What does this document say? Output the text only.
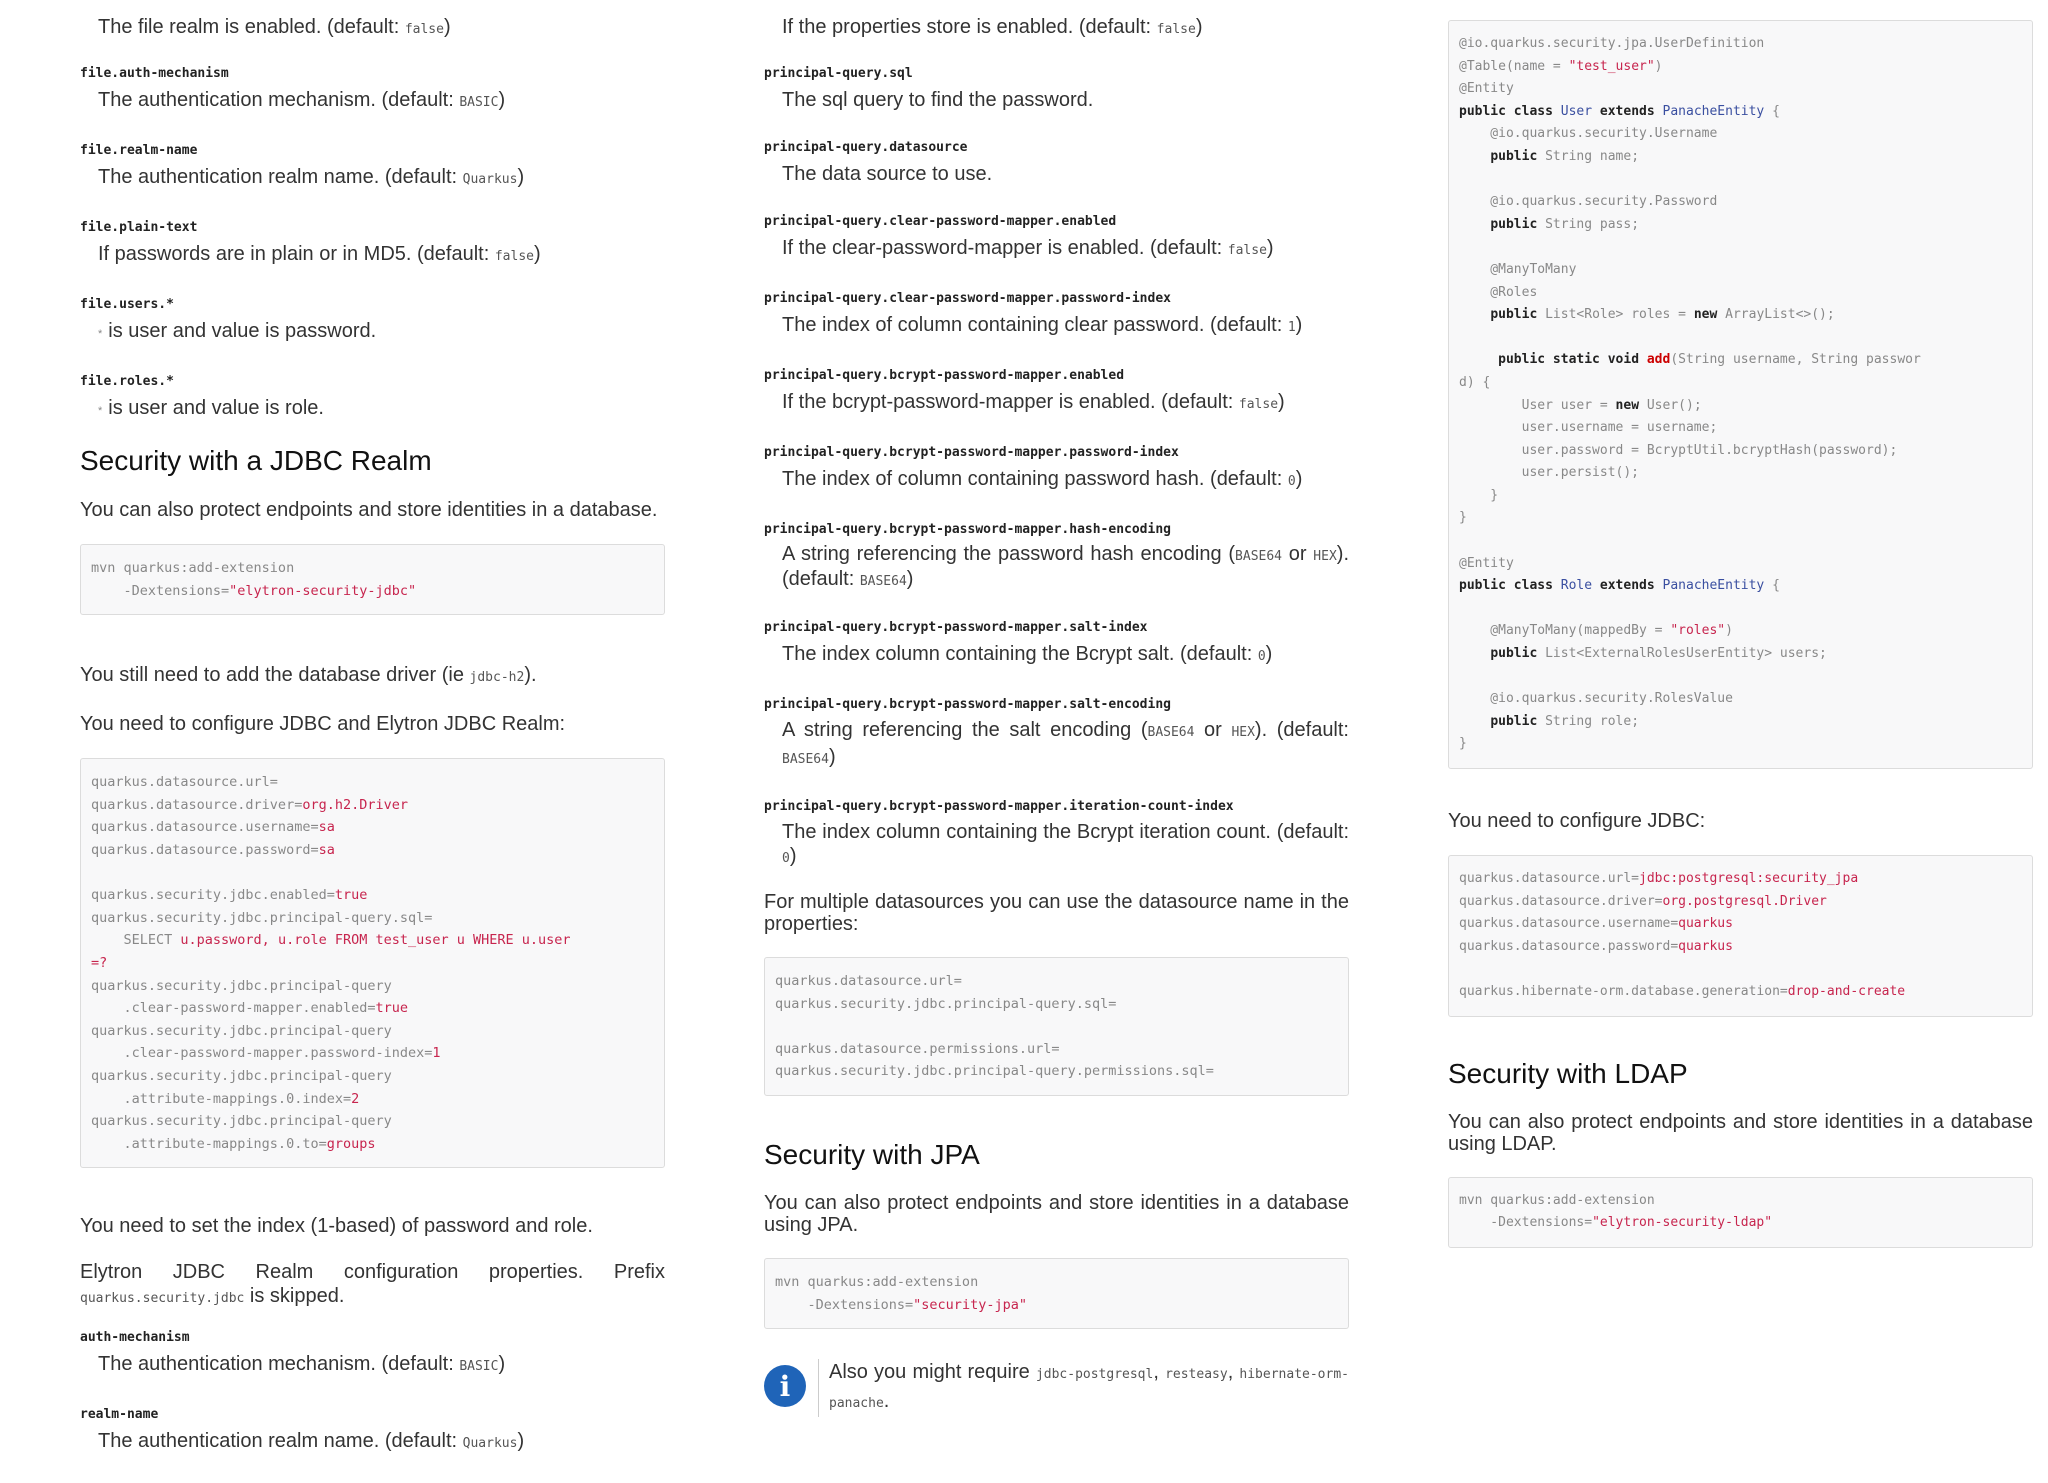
The file realm is enabled. (default: false)
file.auth-mechanism
The authentication mechanism. (default: BASIC)
file.realm-name
The authentication realm name. (default: Quarkus)
file.plain-text
If passwords are in plain or in MD5. (default: false)
file.users.*
* is user and value is password.
file.roles.*
* is user and value is role.
Security with a JDBC Realm

You can also protect endpoints and store identities in a database.

mvn quarkus:add-extension
-Dextensions="elytron-security-jdbc"

You still need to add the database driver (ie jdbc-h2).

You need to configure JDBC and Elytron JDBC Realm:

quarkus.datasource.url=
quarkus.datasource.driver=org.h2.Driver
quarkus.datasource.username=sa
quarkus.datasource.password=sa

quarkus.security.jdbc.enabled=true
quarkus.security.jdbc.principal-query.sql=
SELECT u.password, u.role FROM test_user u WHERE u.user
=?
quarkus.security.jdbc.principal-query
.clear-password-mapper.enabled=true
quarkus.security.jdbc.principal-query
.clear-password-mapper.password-index=1
quarkus.security.jdbc.principal-query
.attribute-mappings.0.index=2
quarkus.security.jdbc.principal-query
.attribute-mappings.0.to=groups

You need to set the index (1-based) of password and role.

Elytron JDBC Realm configuration properties. Prefix quarkus.security.jdbc is skipped.

auth-mechanism
The authentication mechanism. (default: BASIC)
realm-name
The authentication realm name. (default: Quarkus)
If the properties store is enabled. (default: false)
principal-query.sql
The sql query to find the password.
principal-query.datasource
The data source to use.
principal-query.clear-password-mapper.enabled
If the clear-password-mapper is enabled. (default: false)
principal-query.clear-password-mapper.password-index
The index of column containing clear password. (default: 1)
principal-query.bcrypt-password-mapper.enabled
If the bcrypt-password-mapper is enabled. (default: false)
principal-query.bcrypt-password-mapper.password-index
The index of column containing password hash. (default: 0)
principal-query.bcrypt-password-mapper.hash-encoding
A string referencing the password hash encoding (BASE64 or HEX). (default: BASE64)
principal-query.bcrypt-password-mapper.salt-index
The index column containing the Bcrypt salt. (default: 0)
principal-query.bcrypt-password-mapper.salt-encoding
A string referencing the salt encoding (BASE64 or HEX). (default: BASE64)
principal-query.bcrypt-password-mapper.iteration-count-index
The index column containing the Bcrypt iteration count. (default: 0)

For multiple datasources you can use the datasource name in the properties:

quarkus.datasource.url=
quarkus.security.jdbc.principal-query.sql=

quarkus.datasource.permissions.url=
quarkus.security.jdbc.principal-query.permissions.sql=
Security with JPA

You can also protect endpoints and store identities in a database using JPA.

mvn quarkus:add-extension
-Dextensions="security-jpa"
i	Also you might require jdbc-postgresql, resteasy, hibernate-orm-panache.
@io.quarkus.security.jpa.UserDefinition
@Table(name = "test_user")
@Entity
public class User extends PanacheEntity {
@io.quarkus.security.Username
public String name;

@io.quarkus.security.Password
public String pass;

@ManyToMany
@Roles
public List<Role> roles = new ArrayList<>();

public static void add(String username, String passwor
d) {
User user = new User();
user.username = username;
user.password = BcryptUtil.bcryptHash(password);
user.persist();
}
}

@Entity
public class Role extends PanacheEntity {

@ManyToMany(mappedBy = "roles")
public List<ExternalRolesUserEntity> users;

@io.quarkus.security.RolesValue
public String role;
}

You need to configure JDBC:

quarkus.datasource.url=jdbc:postgresql:security_jpa
quarkus.datasource.driver=org.postgresql.Driver
quarkus.datasource.username=quarkus
quarkus.datasource.password=quarkus

quarkus.hibernate-orm.database.generation=drop-and-create
Security with LDAP

You can also protect endpoints and store identities in a database using LDAP.

mvn quarkus:add-extension
-Dextensions="elytron-security-ldap"
